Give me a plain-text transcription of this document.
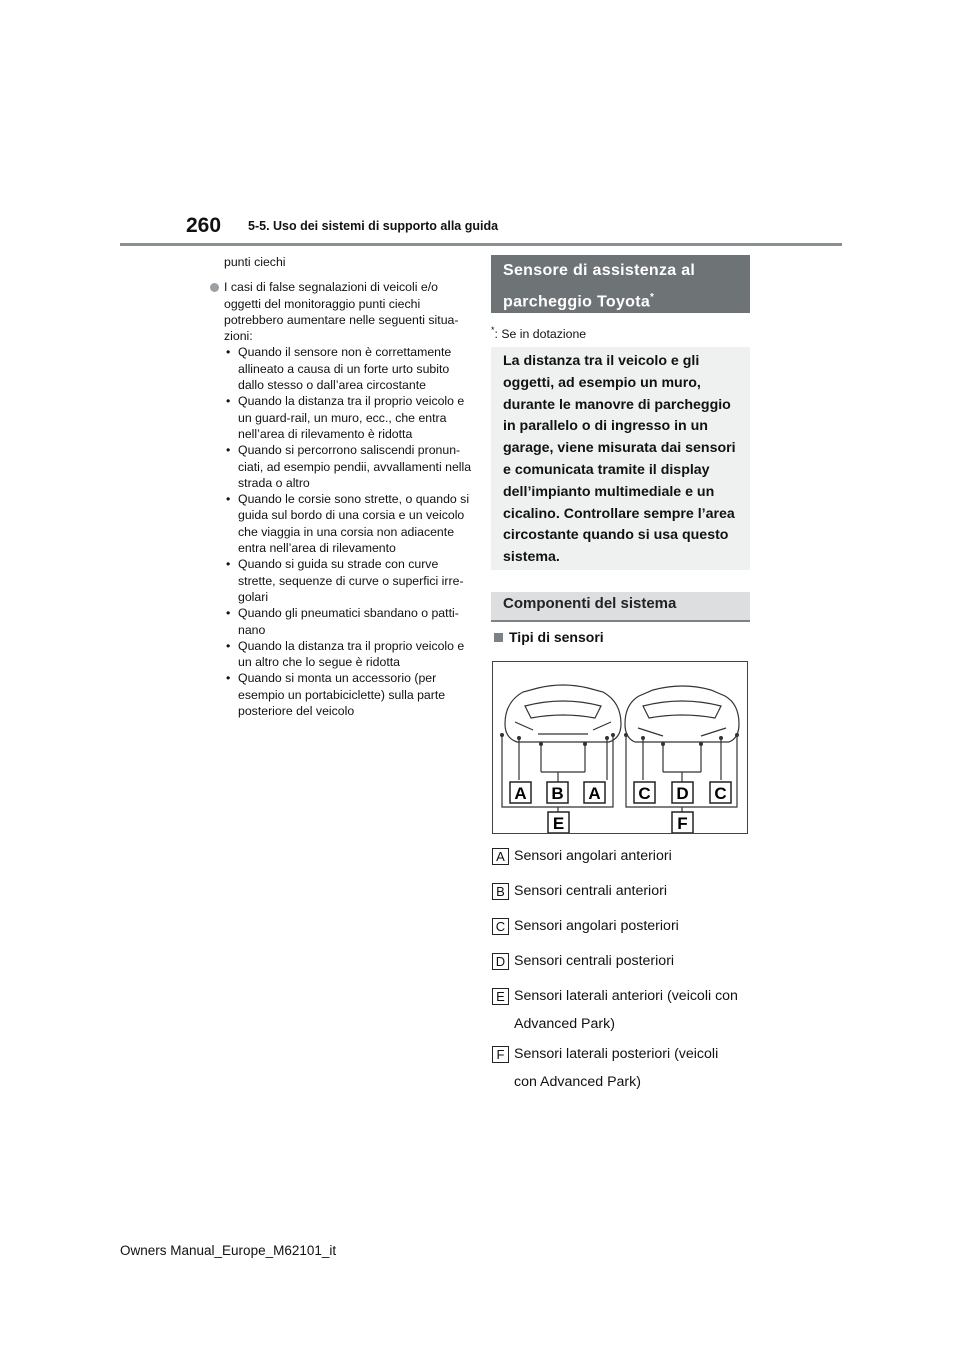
260 5-5. Uso dei sistemi di supporto alla guida

punti ciechi

I casi di false segnalazioni di veicoli e/o oggetti del monitoraggio punti ciechi potrebbero aumentare nelle seguenti situa-zioni:

• Quando il sensore non è correttamente allineato a causa di un forte urto subito dallo stesso o dall’area circostante
• Quando la distanza tra il proprio veicolo e un guard-rail, un muro, ecc., che entra nell’area di rilevamento è ridotta
• Quando si percorrono saliscendi pronun-ciati, ad esempio pendii, avvallamenti nella strada o altro
• Quando le corsie sono strette, o quando si guida sul bordo di una corsia e un veicolo che viaggia in una corsia non adiacente entra nell’area di rilevamento
• Quando si guida su strade con curve strette, sequenze di curve o superfici irre-golari
• Quando gli pneumatici sbandano o patti-nano
• Quando la distanza tra il proprio veicolo e un altro che lo segue è ridotta
• Quando si monta un accessorio (per esempio un portabiciclette) sulla parte posteriore del veicolo
Sensore di assistenza al parcheggio Toyota*
*: Se in dotazione
La distanza tra il veicolo e gli oggetti, ad esempio un muro, durante le manovre di parcheggio in parallelo o di ingresso in un garage, viene misurata dai sensori e comunicata tramite il display dell’impianto multimediale e un cicalino. Controllare sempre l’area circostante quando si usa questo sistema.
Componenti del sistema
Tipi di sensori
A B A C D C
E	F
A Sensori angolari anteriori
B Sensori centrali anteriori
C Sensori angolari posteriori
D Sensori centrali posteriori
E Sensori laterali anteriori (veicoli con
Advanced Park)
F Sensori laterali posteriori (veicoli
con Advanced Park)
Owners Manual_Europe_M62101_it
